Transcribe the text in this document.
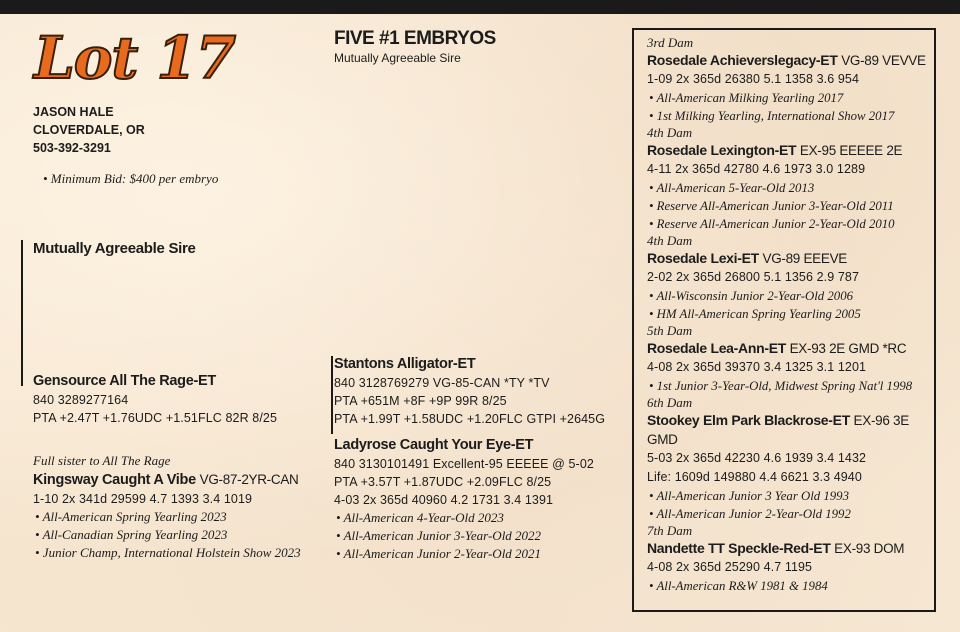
Lot 17
JASON HALE
CLOVERDALE, OR
503-392-3291
• Minimum Bid: $400 per embryo
FIVE #1 EMBRYOS
Mutually Agreeable Sire
Mutually Agreeable Sire
Gensource All The Rage-ET
840 3289277164
PTA +2.47T +1.76UDC +1.51FLC 82R 8/25
Full sister to All The Rage
Kingsway Caught A Vibe VG-87-2YR-CAN
1-10 2x 341d 29599 4.7 1393 3.4 1019
• All-American Spring Yearling 2023
• All-Canadian Spring Yearling 2023
• Junior Champ, International Holstein Show 2023
Stantons Alligator-ET
840 3128769279 VG-85-CAN *TY *TV
PTA +651M +8F +9P 99R 8/25
PTA +1.99T +1.58UDC +1.20FLC GTPI +2645G
Ladyrose Caught Your Eye-ET
840 3130101491 Excellent-95 EEEEE @ 5-02
PTA +3.57T +1.87UDC +2.09FLC 8/25
4-03 2x 365d 40960 4.2 1731 3.4 1391
• All-American 4-Year-Old 2023
• All-American Junior 3-Year-Old 2022
• All-American Junior 2-Year-Old 2021
3rd Dam
Rosedale Achieverslegacy-ET VG-89 VEVVE
1-09 2x 365d 26380 5.1 1358 3.6 954
• All-American Milking Yearling 2017
• 1st Milking Yearling, International Show 2017
4th Dam
Rosedale Lexington-ET EX-95 EEEEE 2E
4-11 2x 365d 42780 4.6 1973 3.0 1289
• All-American 5-Year-Old 2013
• Reserve All-American Junior 3-Year-Old 2011
• Reserve All-American Junior 2-Year-Old 2010
4th Dam
Rosedale Lexi-ET VG-89 EEEVE
2-02 2x 365d 26800 5.1 1356 2.9 787
• All-Wisconsin Junior 2-Year-Old 2006
• HM All-American Spring Yearling 2005
5th Dam
Rosedale Lea-Ann-ET EX-93 2E GMD *RC
4-08 2x 365d 39370 3.4 1325 3.1 1201
• 1st Junior 3-Year-Old, Midwest Spring Nat'l 1998
6th Dam
Stookey Elm Park Blackrose-ET EX-96 3E GMD
5-03 2x 365d 42230 4.6 1939 3.4 1432
Life: 1609d 149880 4.4 6621 3.3 4940
• All-American Junior 3 Year Old 1993
• All-American Junior 2-Year-Old 1992
7th Dam
Nandette TT Speckle-Red-ET EX-93 DOM
4-08 2x 365d 25290 4.7 1195
• All-American R&W 1981 & 1984
